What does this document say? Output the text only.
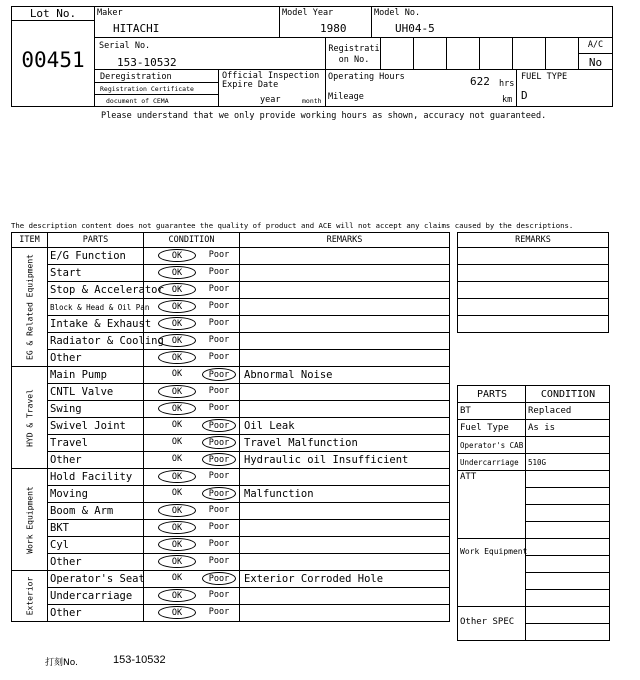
Lot No.
00451
Maker
HITACHI
Model Year
1980
Model No.
UH04-5
Serial No.
153-10532
Registrati
on No.
A/C
No
Deregistration
Registration Certificate
document of CEMA
Official Inspection
Expire Date
year	month
Operating Hours	622 hrs
Mileage	km
FUEL TYPE
D
Please understand that we only provide working hours as shown, accuracy not guaranteed.
The description content does not guarantee the quality of product and ACE will not accept any claims caused by the descriptions.
ITEM	PARTS	CONDITION	REMARKS

EG & Related Equipment	E/G Function	OK Poor	

	Start	OK Poor	

	Stop & Accelerator	OK Poor	

	Block & Head & Oil Pan	OK Poor	

	Intake & Exhaust	OK Poor	

	Radiator & Cooling	OK Poor	

	Other	OK Poor	

HYD & Travel	Main Pump	OK Poor	Abnormal Noise
	CNTL Valve	OK Poor	

	Swing	OK Poor	

	Swivel Joint	OK Poor	Oil Leak
	Travel	OK Poor	Travel Malfunction
	Other	OK Poor	Hydraulic oil Insufficient

Work Equipment	Hold Facility	OK Poor	

	Moving	OK Poor	Malfunction
	Boom & Arm	OK Poor	

	BKT	OK Poor	

	Cyl	OK Poor	

	Other	OK Poor	

Exterior	Operator's Seat	OK Poor	Exterior Corroded Hole
	Undercarriage	OK Poor	

	Other	OK Poor	

REMARKS

PARTS	CONDITION
BT	Replaced
Fuel Type	As is
Operator's CAB	
Undercarriage	510G
ATT	

Work Equipment	

Other SPEC	

打刻No.	153-10532
